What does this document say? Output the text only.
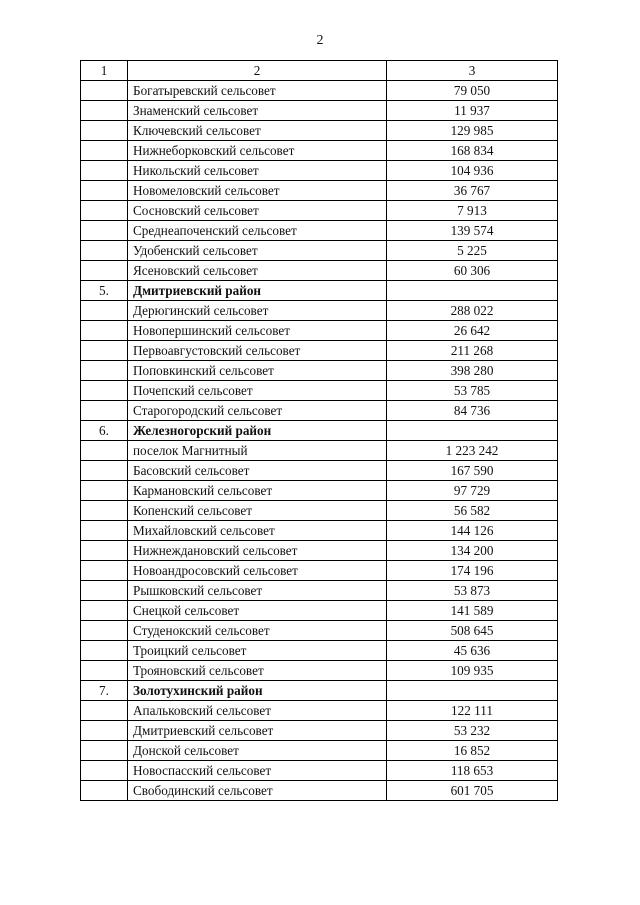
2
1	2	3
	Богатыревский сельсовет	79 050
	Знаменский сельсовет	11 937
	Ключевский сельсовет	129 985
	Нижнеборковский сельсовет	168 834
	Никольский сельсовет	104 936
	Новомеловский сельсовет	36 767
	Сосновский сельсовет	7 913
	Среднеапоченский сельсовет	139 574
	Удобенский сельсовет	5 225
	Ясеновский сельсовет	60 306
5.	Дмитриевский район	
	Дерюгинский сельсовет	288 022
	Новопершинский сельсовет	26 642
	Первоавгустовский сельсовет	211 268
	Поповкинский сельсовет	398 280
	Почепский сельсовет	53 785
	Старогородский сельсовет	84 736
6.	Железногорский район	
	поселок Магнитный	1 223 242
	Басовский сельсовет	167 590
	Кармановский сельсовет	97 729
	Копенский сельсовет	56 582
	Михайловский сельсовет	144 126
	Нижнеждановский сельсовет	134 200
	Новоандросовский сельсовет	174 196
	Рышковский сельсовет	53 873
	Снецкой сельсовет	141 589
	Студенокский сельсовет	508 645
	Троицкий сельсовет	45 636
	Трояновский сельсовет	109 935
7.	Золотухинский район	
	Апальковский сельсовет	122 111
	Дмитриевский сельсовет	53 232
	Донской сельсовет	16 852
	Новоспасский сельсовет	118 653
	Свободинский сельсовет	601 705
